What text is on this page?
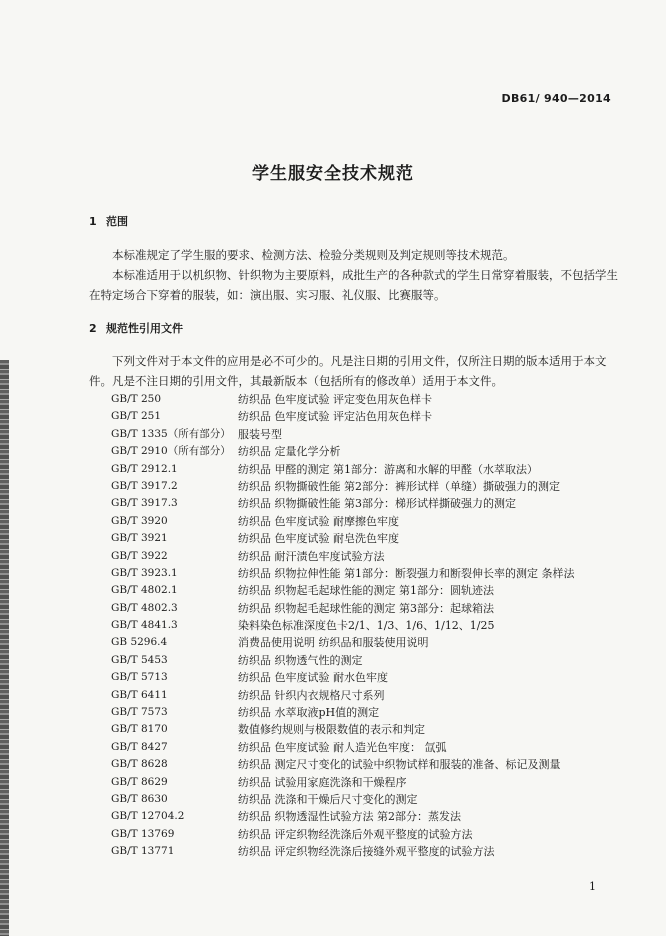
DB61/ 940—2014
学生服安全技术规范
1 范围
本标准规定了学生服的要求、检测方法、检验分类规则及判定规则等技术规范。
本标准适用于以机织物、针织物为主要原料，成批生产的各种款式的学生日常穿着服装，不包括学生在特定场合下穿着的服装，如：演出服、实习服、礼仪服、比赛服等。
2 规范性引用文件
下列文件对于本文件的应用是必不可少的。凡是注日期的引用文件，仅所注日期的版本适用于本文件。凡是不注日期的引用文件，其最新版本（包括所有的修改单）适用于本文件。
GB/T 250	纺织品 色牢度试验 评定变色用灰色样卡
GB/T 251	纺织品 色牢度试验 评定沾色用灰色样卡
GB/T 1335（所有部分） 服装号型
GB/T 2910（所有部分） 纺织品 定量化学分析
GB/T 2912.1	纺织品 甲醛的测定 第1部分：游离和水解的甲醛（水萃取法）
GB/T 3917.2	纺织品 织物撕破性能 第2部分：裤形试样（单缝）撕破强力的测定
GB/T 3917.3	纺织品 织物撕破性能 第3部分：梯形试样撕破强力的测定
GB/T 3920	纺织品 色牢度试验 耐摩擦色牢度
GB/T 3921	纺织品 色牢度试验 耐皂洗色牢度
GB/T 3922	纺织品 耐汗渍色牢度试验方法
GB/T 3923.1	纺织品 织物拉伸性能 第1部分：断裂强力和断裂伸长率的测定 条样法
GB/T 4802.1	纺织品 织物起毛起球性能的测定 第1部分：圆轨迹法
GB/T 4802.3	纺织品 织物起毛起球性能的测定 第3部分：起球箱法
GB/T 4841.3	染料染色标准深度色卡2/1、1/3、1/6、1/12、1/25
GB 5296.4	消费品使用说明 纺织品和服装使用说明
GB/T 5453	纺织品 织物透气性的测定
GB/T 5713	纺织品 色牢度试验 耐水色牢度
GB/T 6411	纺织品 针织内衣规格尺寸系列
GB/T 7573	纺织品 水萃取液pH值的测定
GB/T 8170	数值修约规则与极限数值的表示和判定
GB/T 8427	纺织品 色牢度试验 耐人造光色牢度： 氙弧
GB/T 8628	纺织品 测定尺寸变化的试验中织物试样和服装的准备、标记及测量
GB/T 8629	纺织品 试验用家庭洗涤和干燥程序
GB/T 8630	纺织品 洗涤和干燥后尺寸变化的测定
GB/T 12704.2	纺织品 织物透湿性试验方法 第2部分：蒸发法
GB/T 13769	纺织品 评定织物经洗涤后外观平整度的试验方法
GB/T 13771	纺织品 评定织物经洗涤后接缝外观平整度的试验方法
1
